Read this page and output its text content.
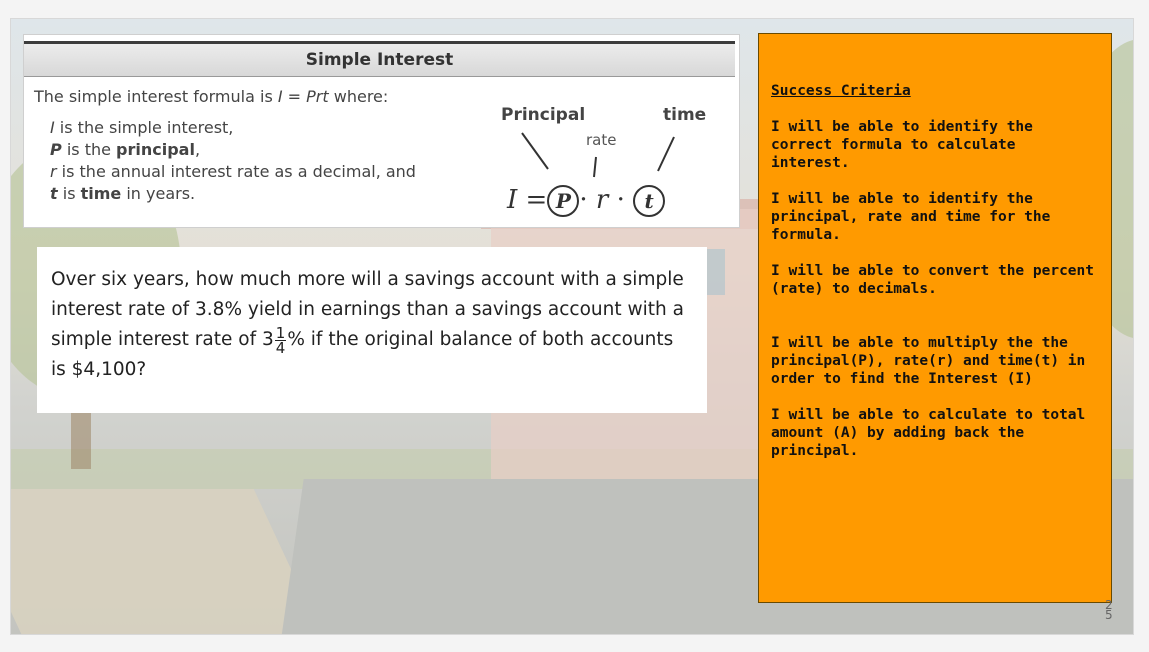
Simple Interest
The simple interest formula is I = Prt where:
I is the simple interest,
P is the principal,
r is the annual interest rate as a decimal, and
t is time in years.
Principal	time
rate
I = P · r · t
Over six years, how much more will a savings account with a simple interest rate of 3.8% yield in earnings than a savings account with a simple interest rate of $3 \frac{1}{4}$ % if the original balance of both accounts is $4,100?

Success Criteria

I will be able to identify the correct formula to calculate interest.

I will be able to identify the principal, rate and time for the formula.

I will be able to convert the percent (rate) to decimals.

I will be able to multiply the the principal(P), rate(r) and time(t) in order to find the Interest (I)

I will be able to calculate to total amount (A) by adding back the principal.

2
5
